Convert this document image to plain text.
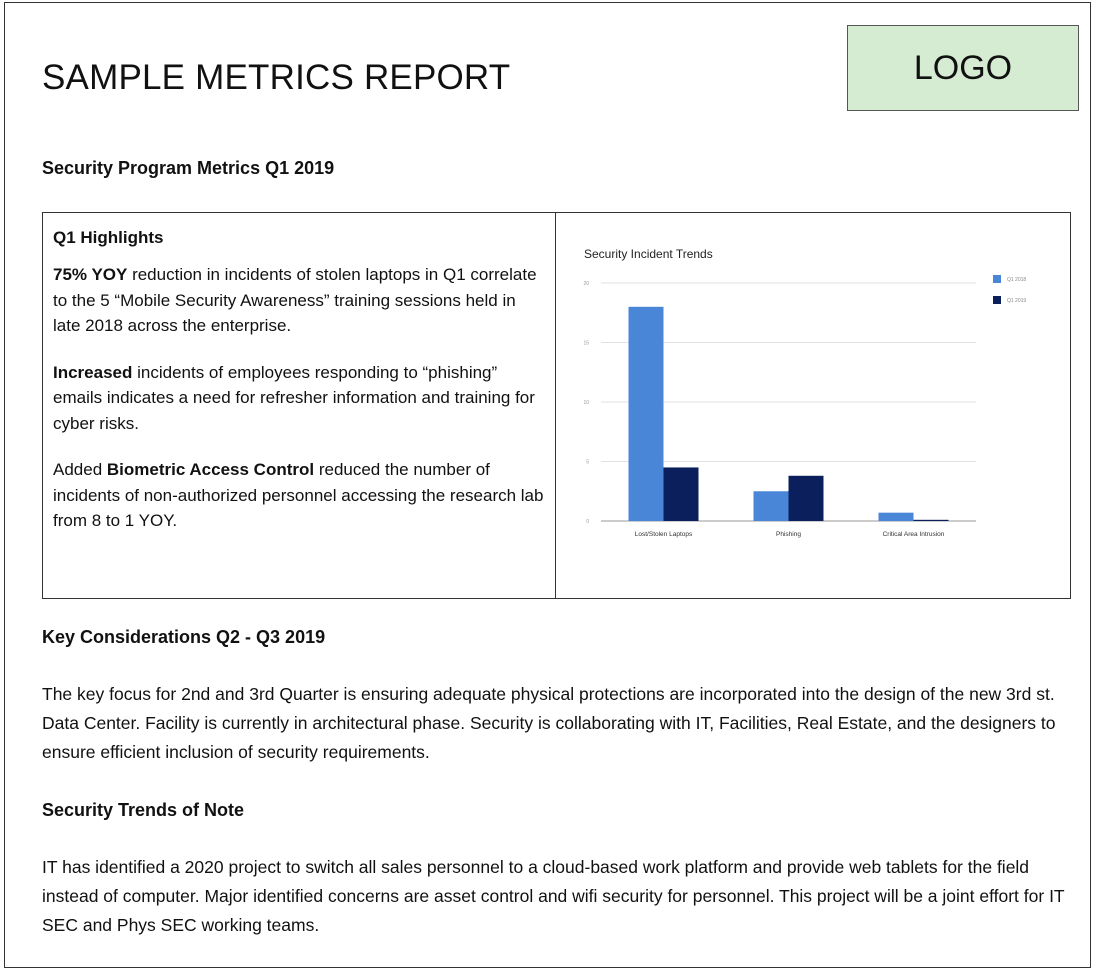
SAMPLE METRICS REPORT	LOGO
Security Program Metrics Q1 2019
Q1 Highlights

75% YOY reduction in incidents of stolen laptops in Q1 correlate to the 5 “Mobile Security Awareness” training sessions held in late 2018 across the enterprise.

Increased incidents of employees responding to “phishing” emails indicates a need for refresher information and training for cyber risks.

Added Biometric Access Control reduced the number of incidents of non-authorized personnel accessing the research lab from 8 to 1 YOY.

Security Incident Trends
0
5
10
15
20
Lost/Stolen Laptops	Phishing	Critical Area Intrusion
Q1 2018
Q1 2019
Key Considerations Q2 - Q3 2019

The key focus for 2nd and 3rd Quarter is ensuring adequate physical protections are incorporated into the design of the new 3rd st. Data Center. Facility is currently in architectural phase. Security is collaborating with IT, Facilities, Real Estate, and the designers to ensure efficient inclusion of security requirements.

Security Trends of Note

IT has identified a 2020 project to switch all sales personnel to a cloud-based work platform and provide web tablets for the field instead of computer. Major identified concerns are asset control and wifi security for personnel. This project will be a joint effort for IT SEC and Phys SEC working teams.
